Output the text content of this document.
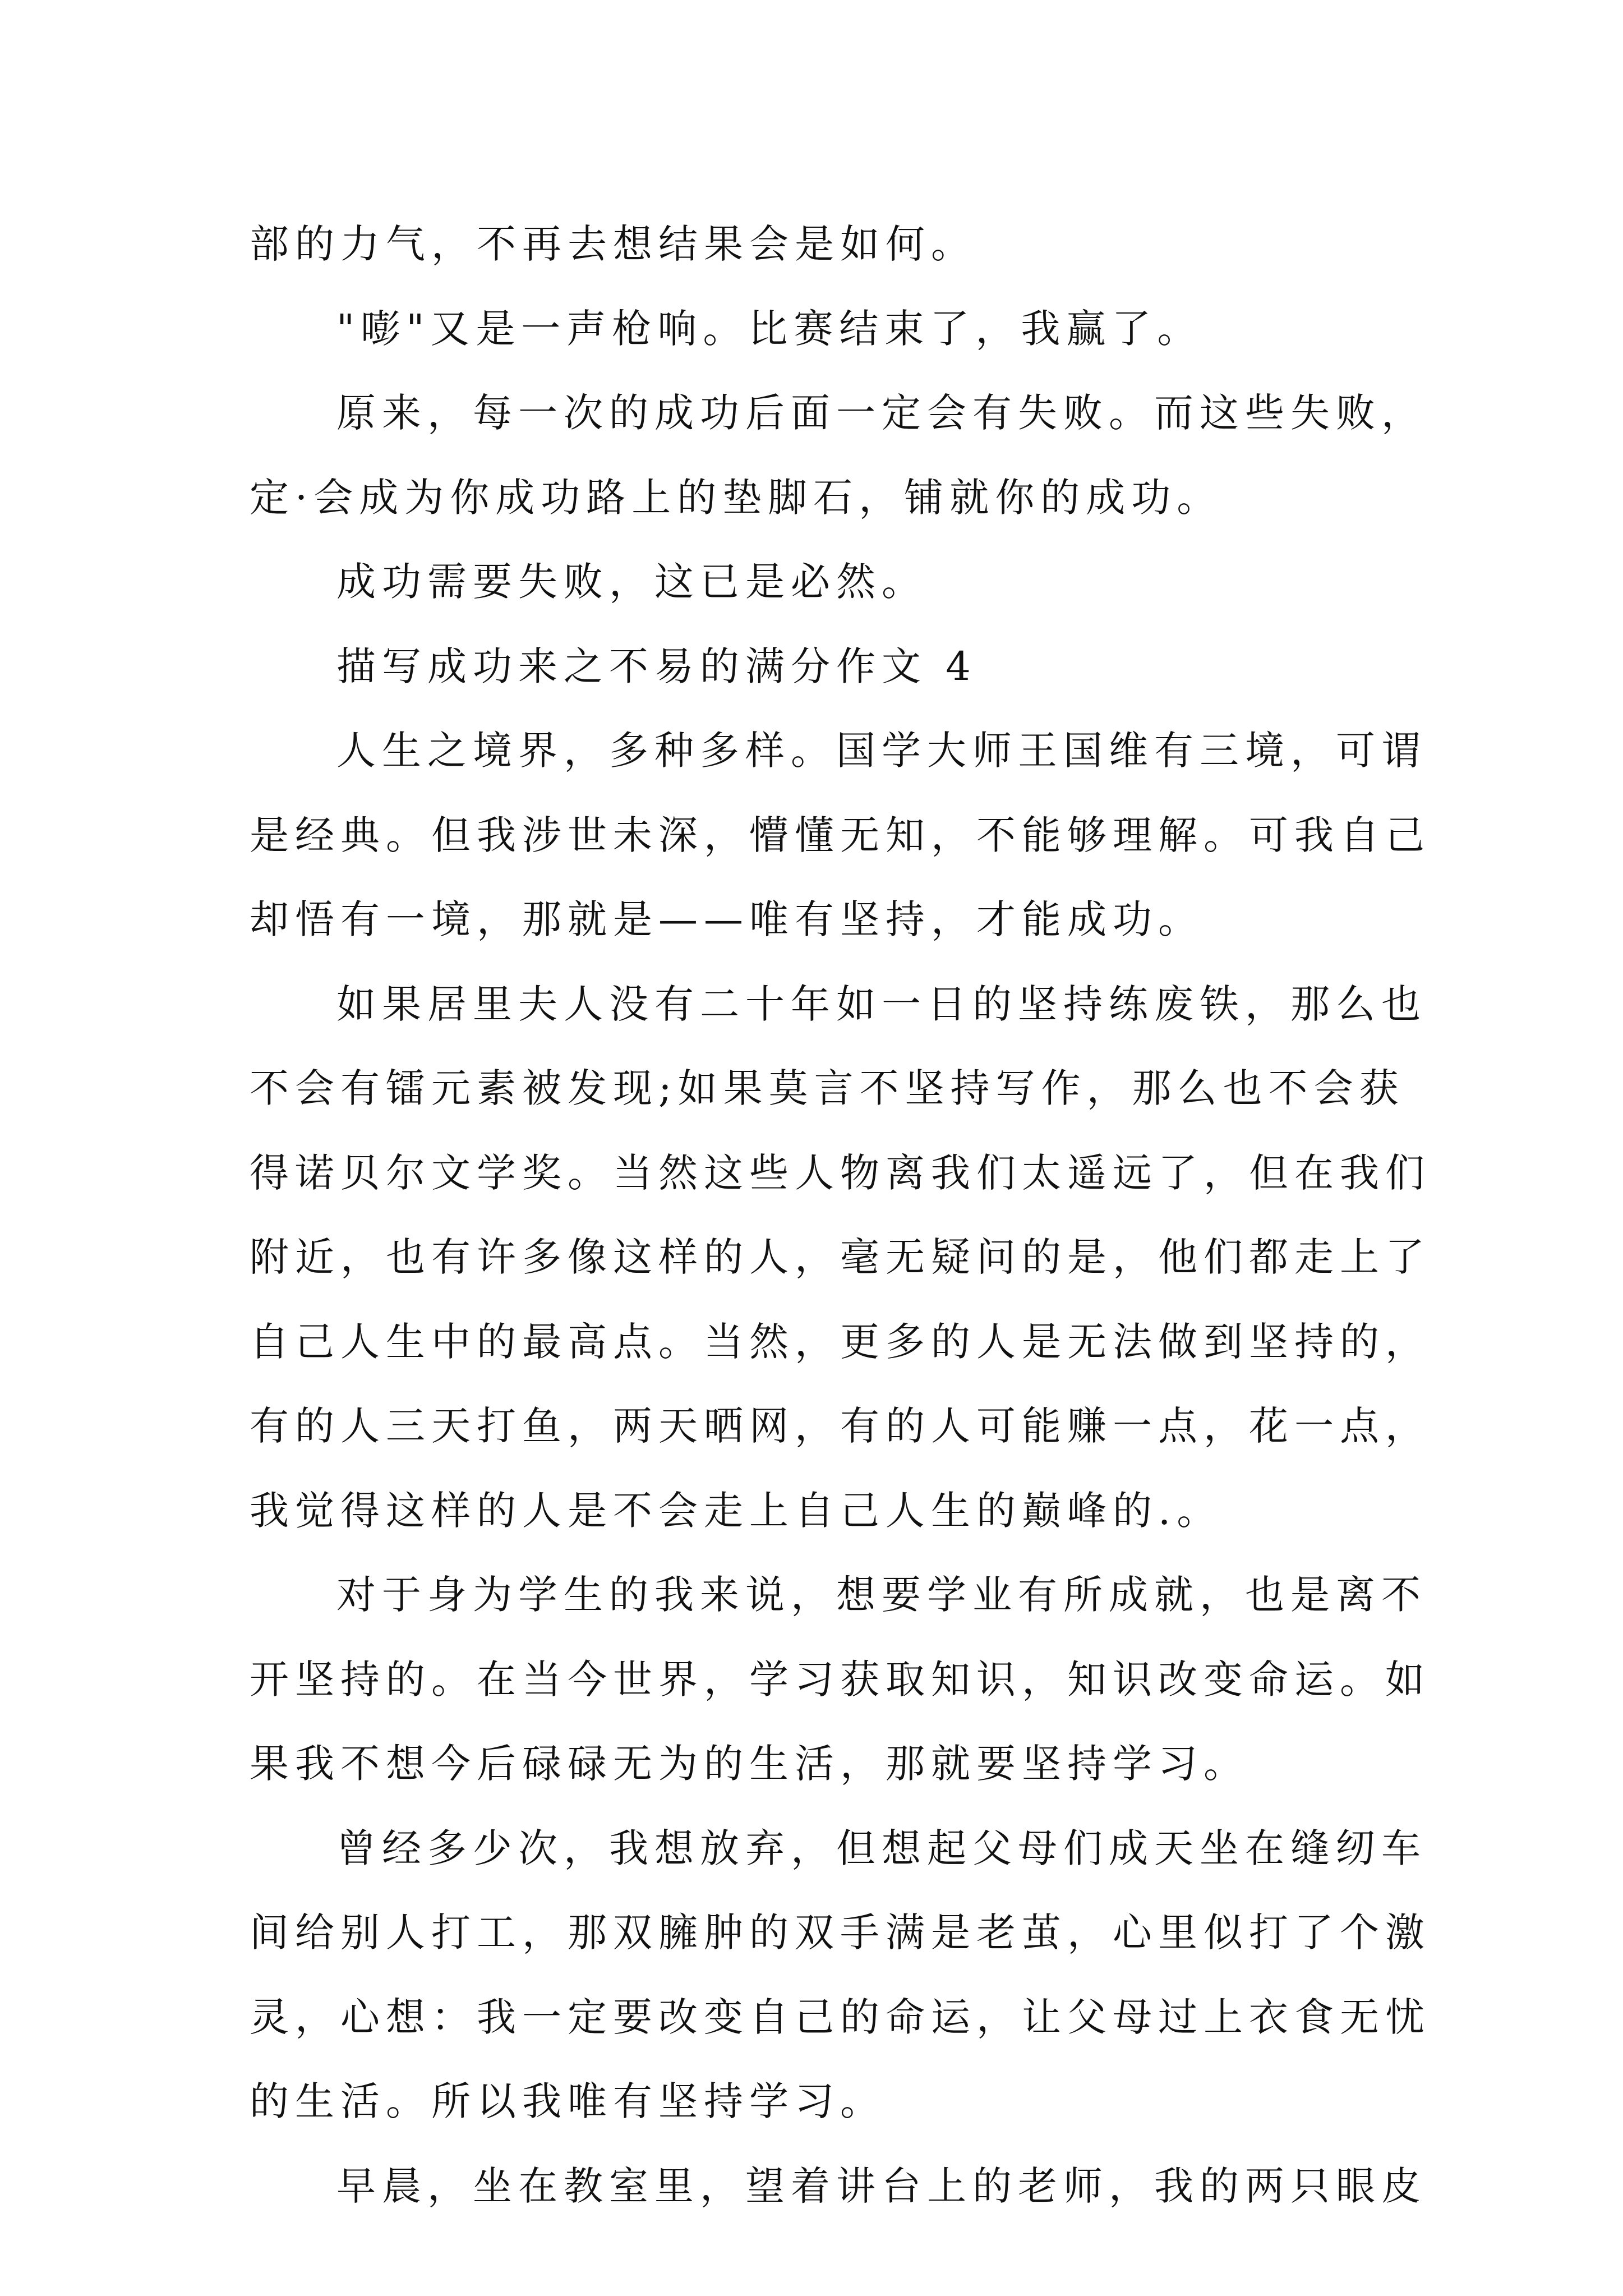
部的力气，不再去想结果会是如何。

"嘭"又是一声枪响。比赛结束了，我赢了。

原来，每一次的成功后面一定会有失败。而这些失败，
定·会成为你成功路上的垫脚石，铺就你的成功。

成功需要失败，这已是必然。

描写成功来之不易的满分作文 4

人生之境界，多种多样。国学大师王国维有三境，可谓
是经典。但我涉世未深，懵懂无知，不能够理解。可我自己
却悟有一境，那就是——唯有坚持，才能成功。

如果居里夫人没有二十年如一日的坚持练废铁，那么也
不会有镭元素被发现;如果莫言不坚持写作，那么也不会获
得诺贝尔文学奖。当然这些人物离我们太遥远了，但在我们
附近，也有许多像这样的人，毫无疑问的是，他们都走上了
自己人生中的最高点。当然，更多的人是无法做到坚持的，
有的人三天打鱼，两天晒网，有的人可能赚一点，花一点，
我觉得这样的人是不会走上自己人生的巅峰的.。

对于身为学生的我来说，想要学业有所成就，也是离不
开坚持的。在当今世界，学习获取知识，知识改变命运。如
果我不想今后碌碌无为的生活，那就要坚持学习。

曾经多少次，我想放弃，但想起父母们成天坐在缝纫车
间给别人打工，那双臃肿的双手满是老茧，心里似打了个激
灵，心想：我一定要改变自己的命运，让父母过上衣食无忧
的生活。所以我唯有坚持学习。

早晨，坐在教室里，望着讲台上的老师，我的两只眼皮
